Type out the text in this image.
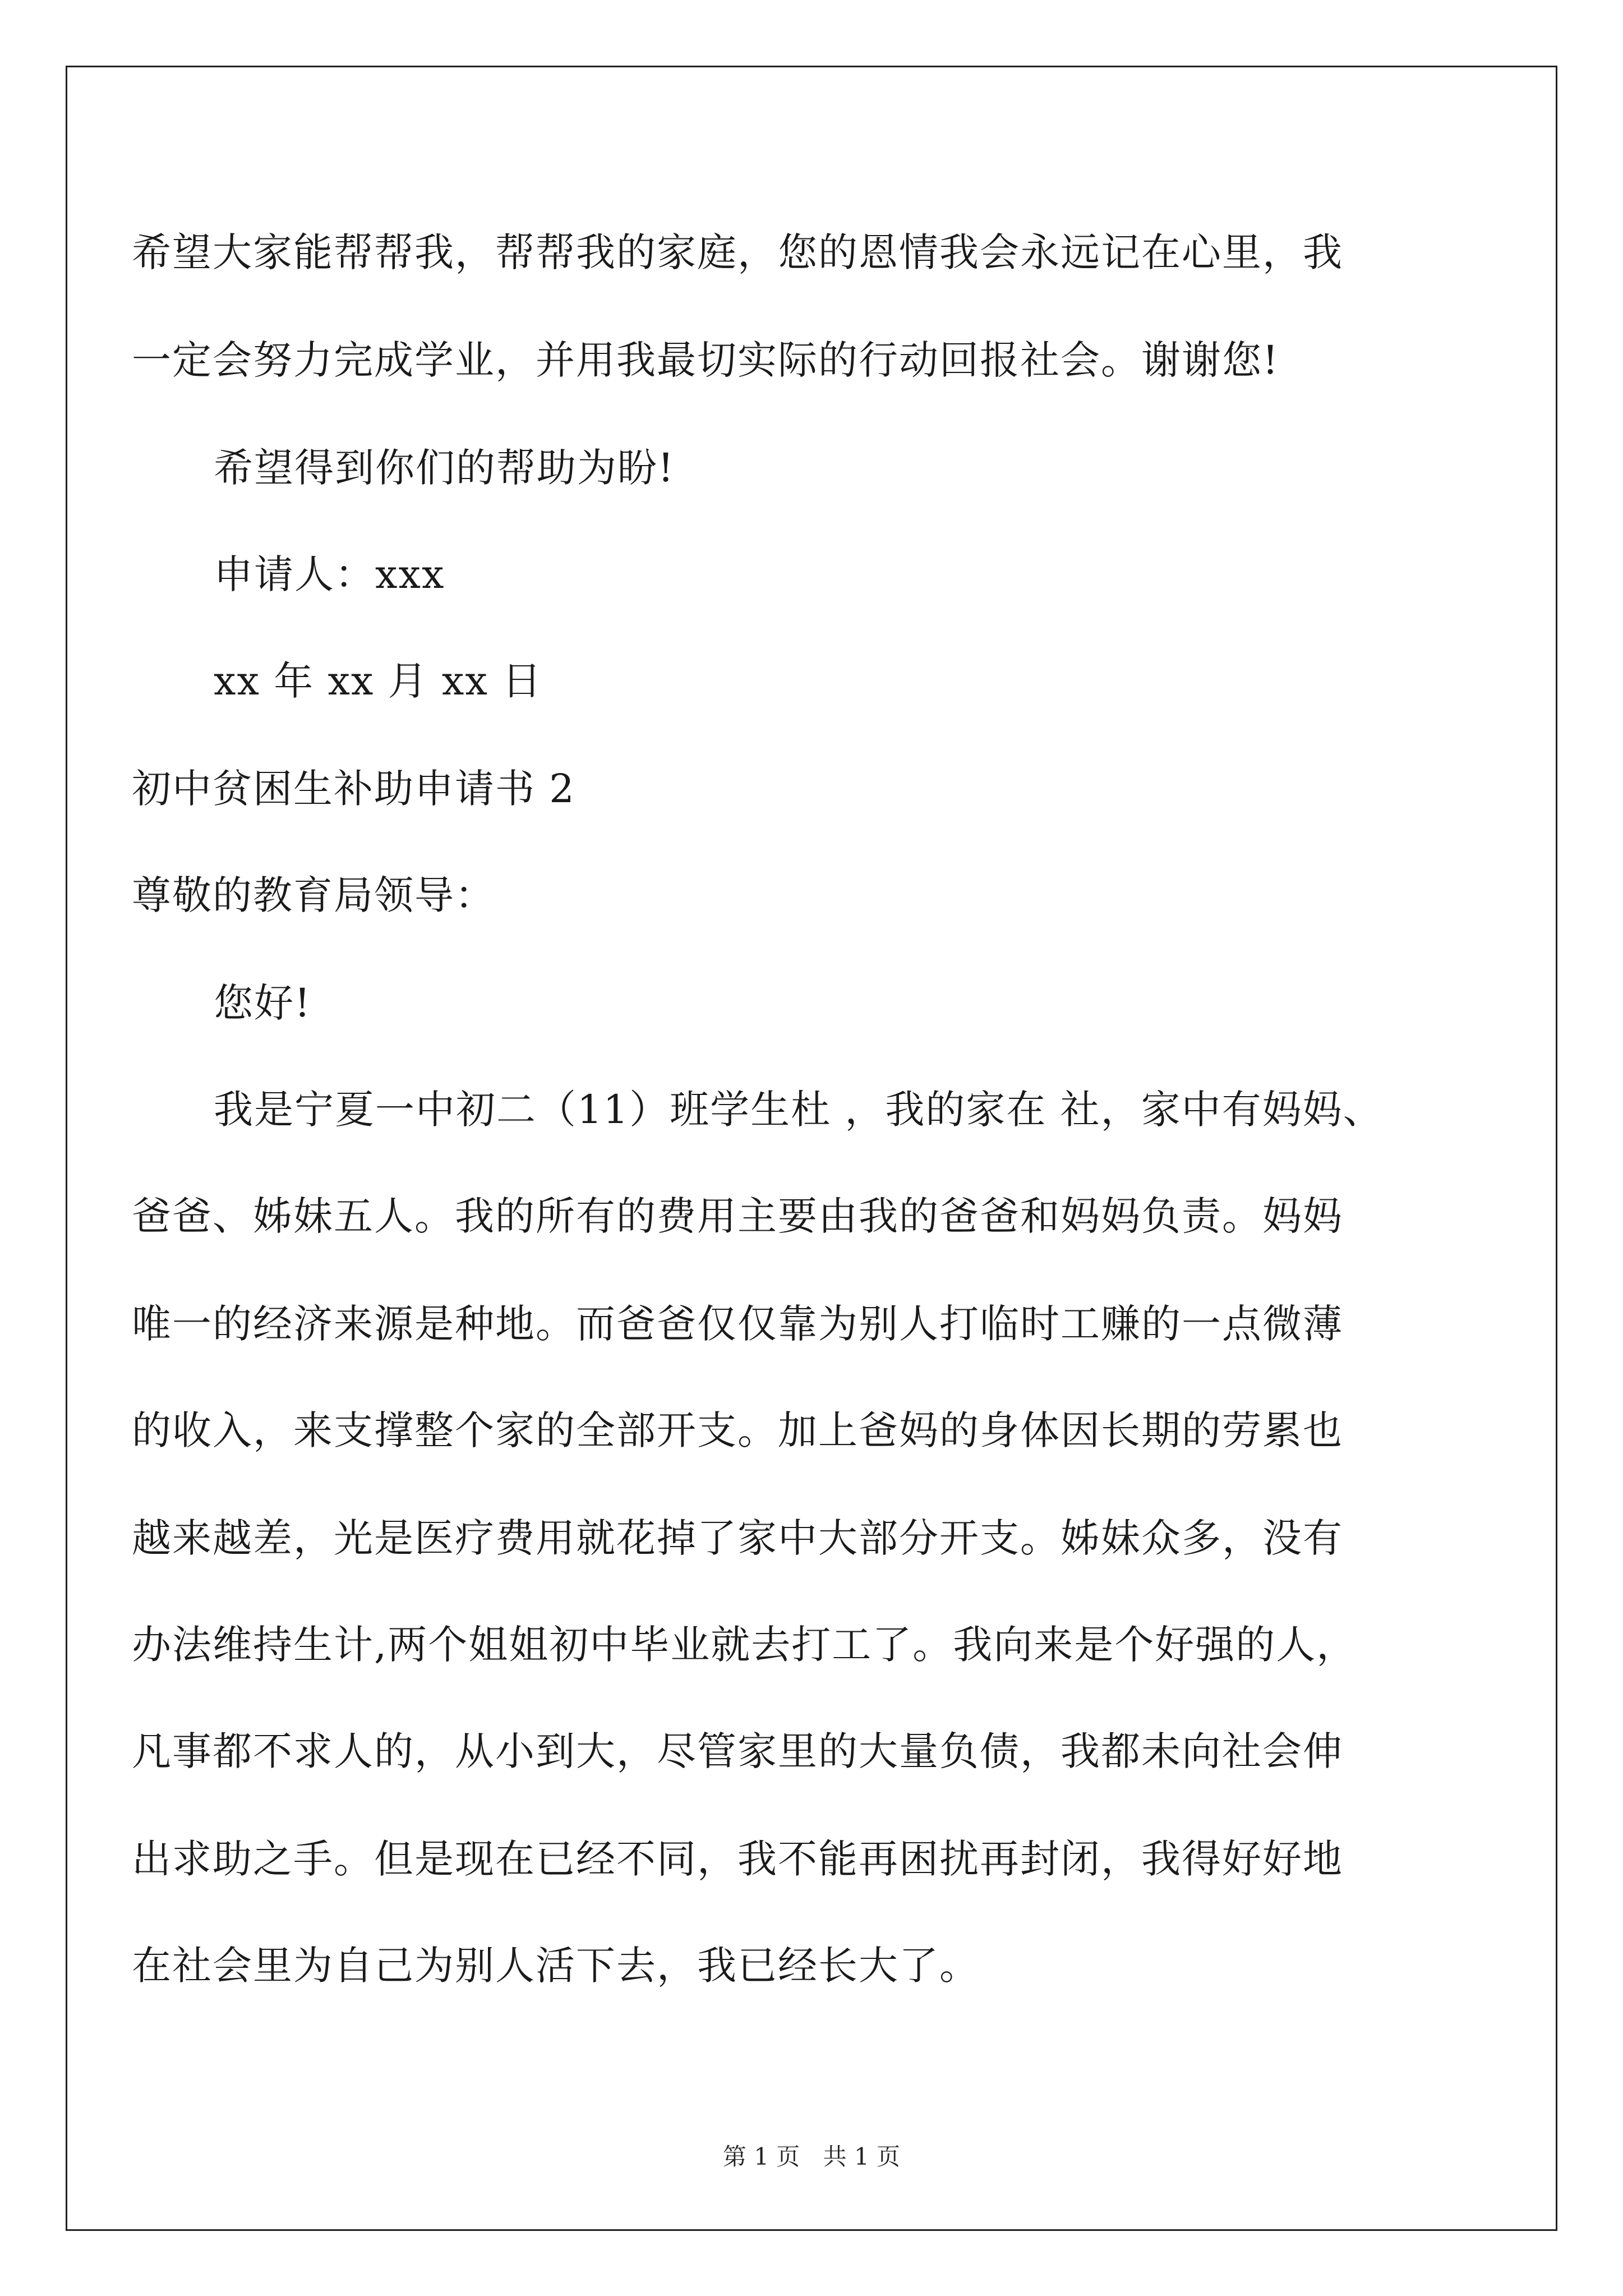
希望大家能帮帮我，帮帮我的家庭，您的恩情我会永远记在心里，我
一定会努力完成学业，并用我最切实际的行动回报社会。谢谢您!
希望得到你们的帮助为盼!
申请人：xxx
xx 年 xx 月 xx 日
初中贫困生补助申请书 2
尊敬的教育局领导：
您好!
我是宁夏一中初二（11）班学生杜 ，我的家在 社，家中有妈妈、
爸爸、姊妹五人。我的所有的费用主要由我的爸爸和妈妈负责。妈妈
唯一的经济来源是种地。而爸爸仅仅靠为别人打临时工赚的一点微薄
的收入，来支撑整个家的全部开支。加上爸妈的身体因长期的劳累也
越来越差，光是医疗费用就花掉了家中大部分开支。姊妹众多，没有
办法维持生计,两个姐姐初中毕业就去打工了。我向来是个好强的人，
凡事都不求人的，从小到大，尽管家里的大量负债，我都未向社会伸
出求助之手。但是现在已经不同，我不能再困扰再封闭，我得好好地
在社会里为自己为别人活下去，我已经长大了。
第 1 页 共 1 页
